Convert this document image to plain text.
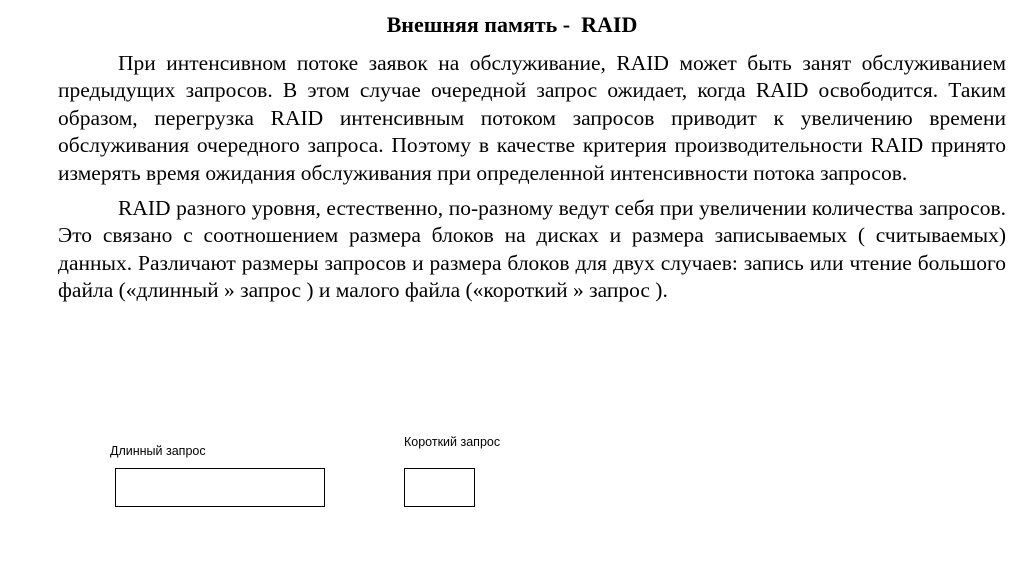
Внешняя память -  RAID

При интенсивном потоке заявок на обслуживание, RAID может быть занят обслуживанием предыдущих запросов. В этом случае очередной запрос ожидает, когда RAID освободится. Таким образом, перегрузка RAID интенсивным потоком запросов приводит к увеличению времени обслуживания очередного запроса. Поэтому в качестве критерия производительности RAID принято измерять время ожидания обслуживания при определенной интенсивности потока запросов.

RAID разного уровня, естественно, по-разному ведут себя при увеличении количества запросов. Это связано с соотношением размера блоков на дисках и размера записываемых ( считываемых) данных. Различают размеры запросов и размера блоков для двух случаев: запись или чтение большого файла («длинный » запрос ) и малого файла («короткий » запрос ).

Длинный запрос
Короткий запрос
